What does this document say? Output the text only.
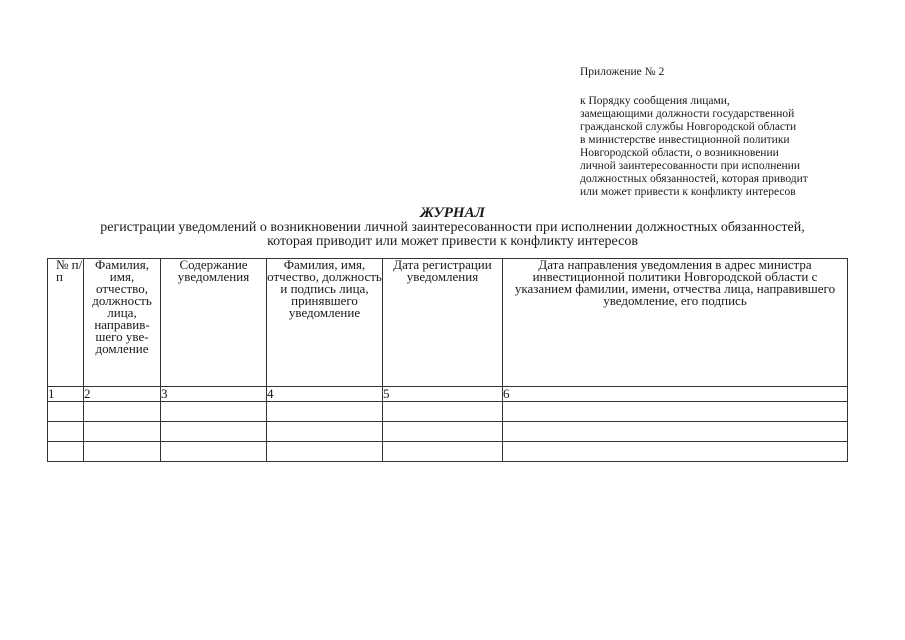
Приложение № 2
к Порядку сообщения лицами,
замещающими должности государственной
гражданской службы Новгородской области
в министерстве инвестиционной политики
Новгородской области, о возникновении
личной заинтересованности при исполнении
должностных обязанностей, которая приводит
или может привести к конфликту интересов
ЖУРНАЛ
регистрации уведомлений о возникновении личной заинтересованности при исполнении должностных обязанностей,
которая приводит или может привести к конфликту интересов
№ п/п	Фамилия, имя, отчество, должность лица, направив- шего уве- домление	Содержание уведомления	Фамилия, имя, отчество, должность и подпись лица, принявшего уведомление	Дата регистрации уведомления	Дата направления уведомления в адрес министра инвестиционной политики Новгородской области с указанием фамилии, имени, отчества лица, направившего уведомление, его подпись
1	2	3	4	5	6
